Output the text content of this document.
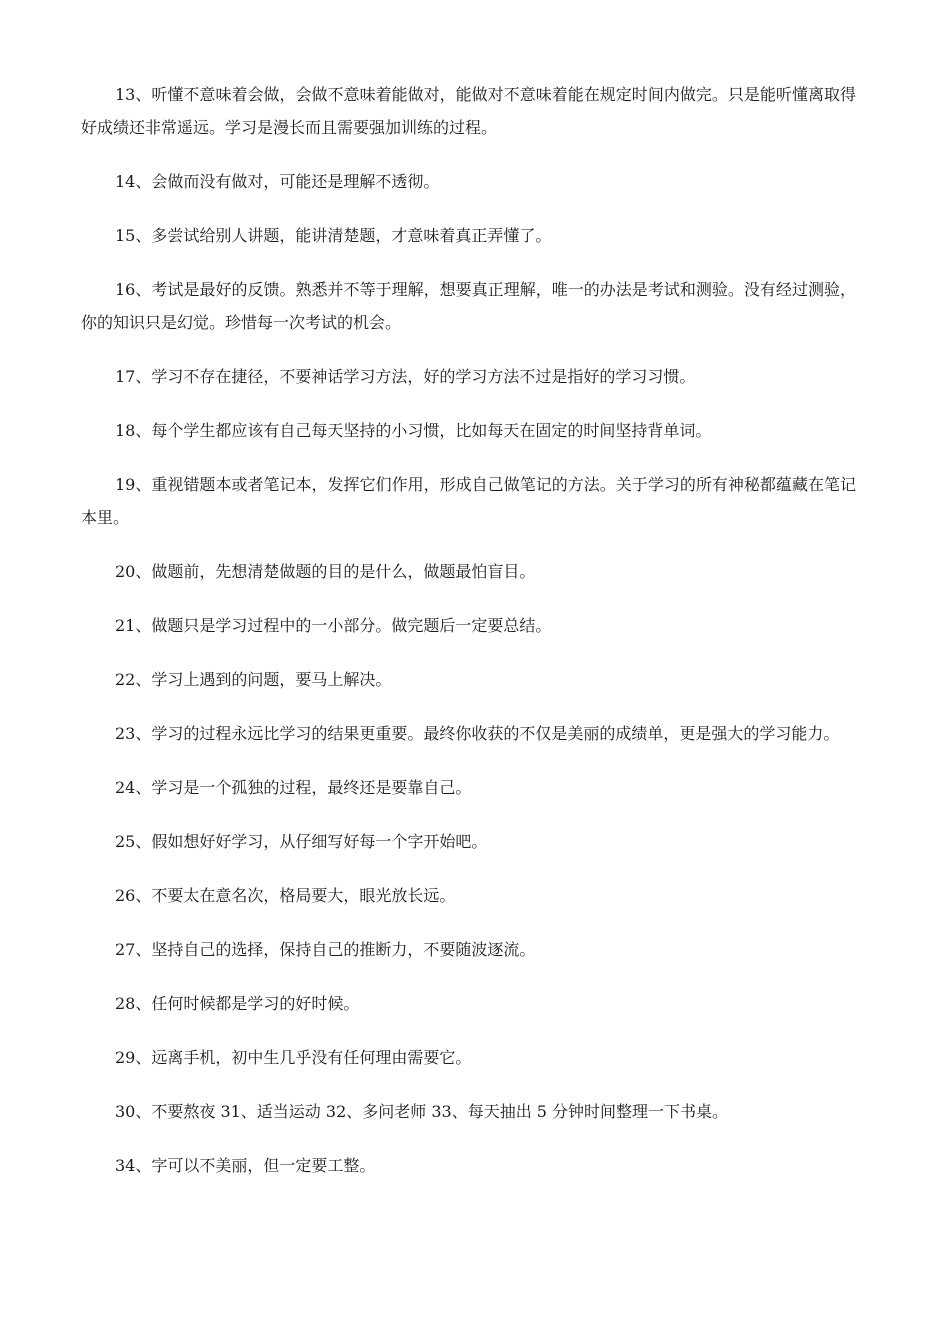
13、听懂不意味着会做，会做不意味着能做对，能做对不意味着能在规定时间内做完。只是能听懂离取得好成绩还非常遥远。学习是漫长而且需要强加训练的过程。

14、会做而没有做对，可能还是理解不透彻。

15、多尝试给别人讲题，能讲清楚题，才意味着真正弄懂了。

16、考试是最好的反馈。熟悉并不等于理解，想要真正理解，唯一的办法是考试和测验。没有经过测验，你的知识只是幻觉。珍惜每一次考试的机会。

17、学习不存在捷径，不要神话学习方法，好的学习方法不过是指好的学习习惯。

18、每个学生都应该有自己每天坚持的小习惯，比如每天在固定的时间坚持背单词。

19、重视错题本或者笔记本，发挥它们作用，形成自己做笔记的方法。关于学习的所有神秘都蕴藏在笔记本里。

20、做题前，先想清楚做题的目的是什么，做题最怕盲目。

21、做题只是学习过程中的一小部分。做完题后一定要总结。

22、学习上遇到的问题，要马上解决。

23、学习的过程永远比学习的结果更重要。最终你收获的不仅是美丽的成绩单，更是强大的学习能力。

24、学习是一个孤独的过程，最终还是要靠自己。

25、假如想好好学习，从仔细写好每一个字开始吧。

26、不要太在意名次，格局要大，眼光放长远。

27、坚持自己的选择，保持自己的推断力，不要随波逐流。

28、任何时候都是学习的好时候。

29、远离手机，初中生几乎没有任何理由需要它。

30、不要熬夜 31、适当运动 32、多问老师 33、每天抽出 5 分钟时间整理一下书桌。

34、字可以不美丽，但一定要工整。
